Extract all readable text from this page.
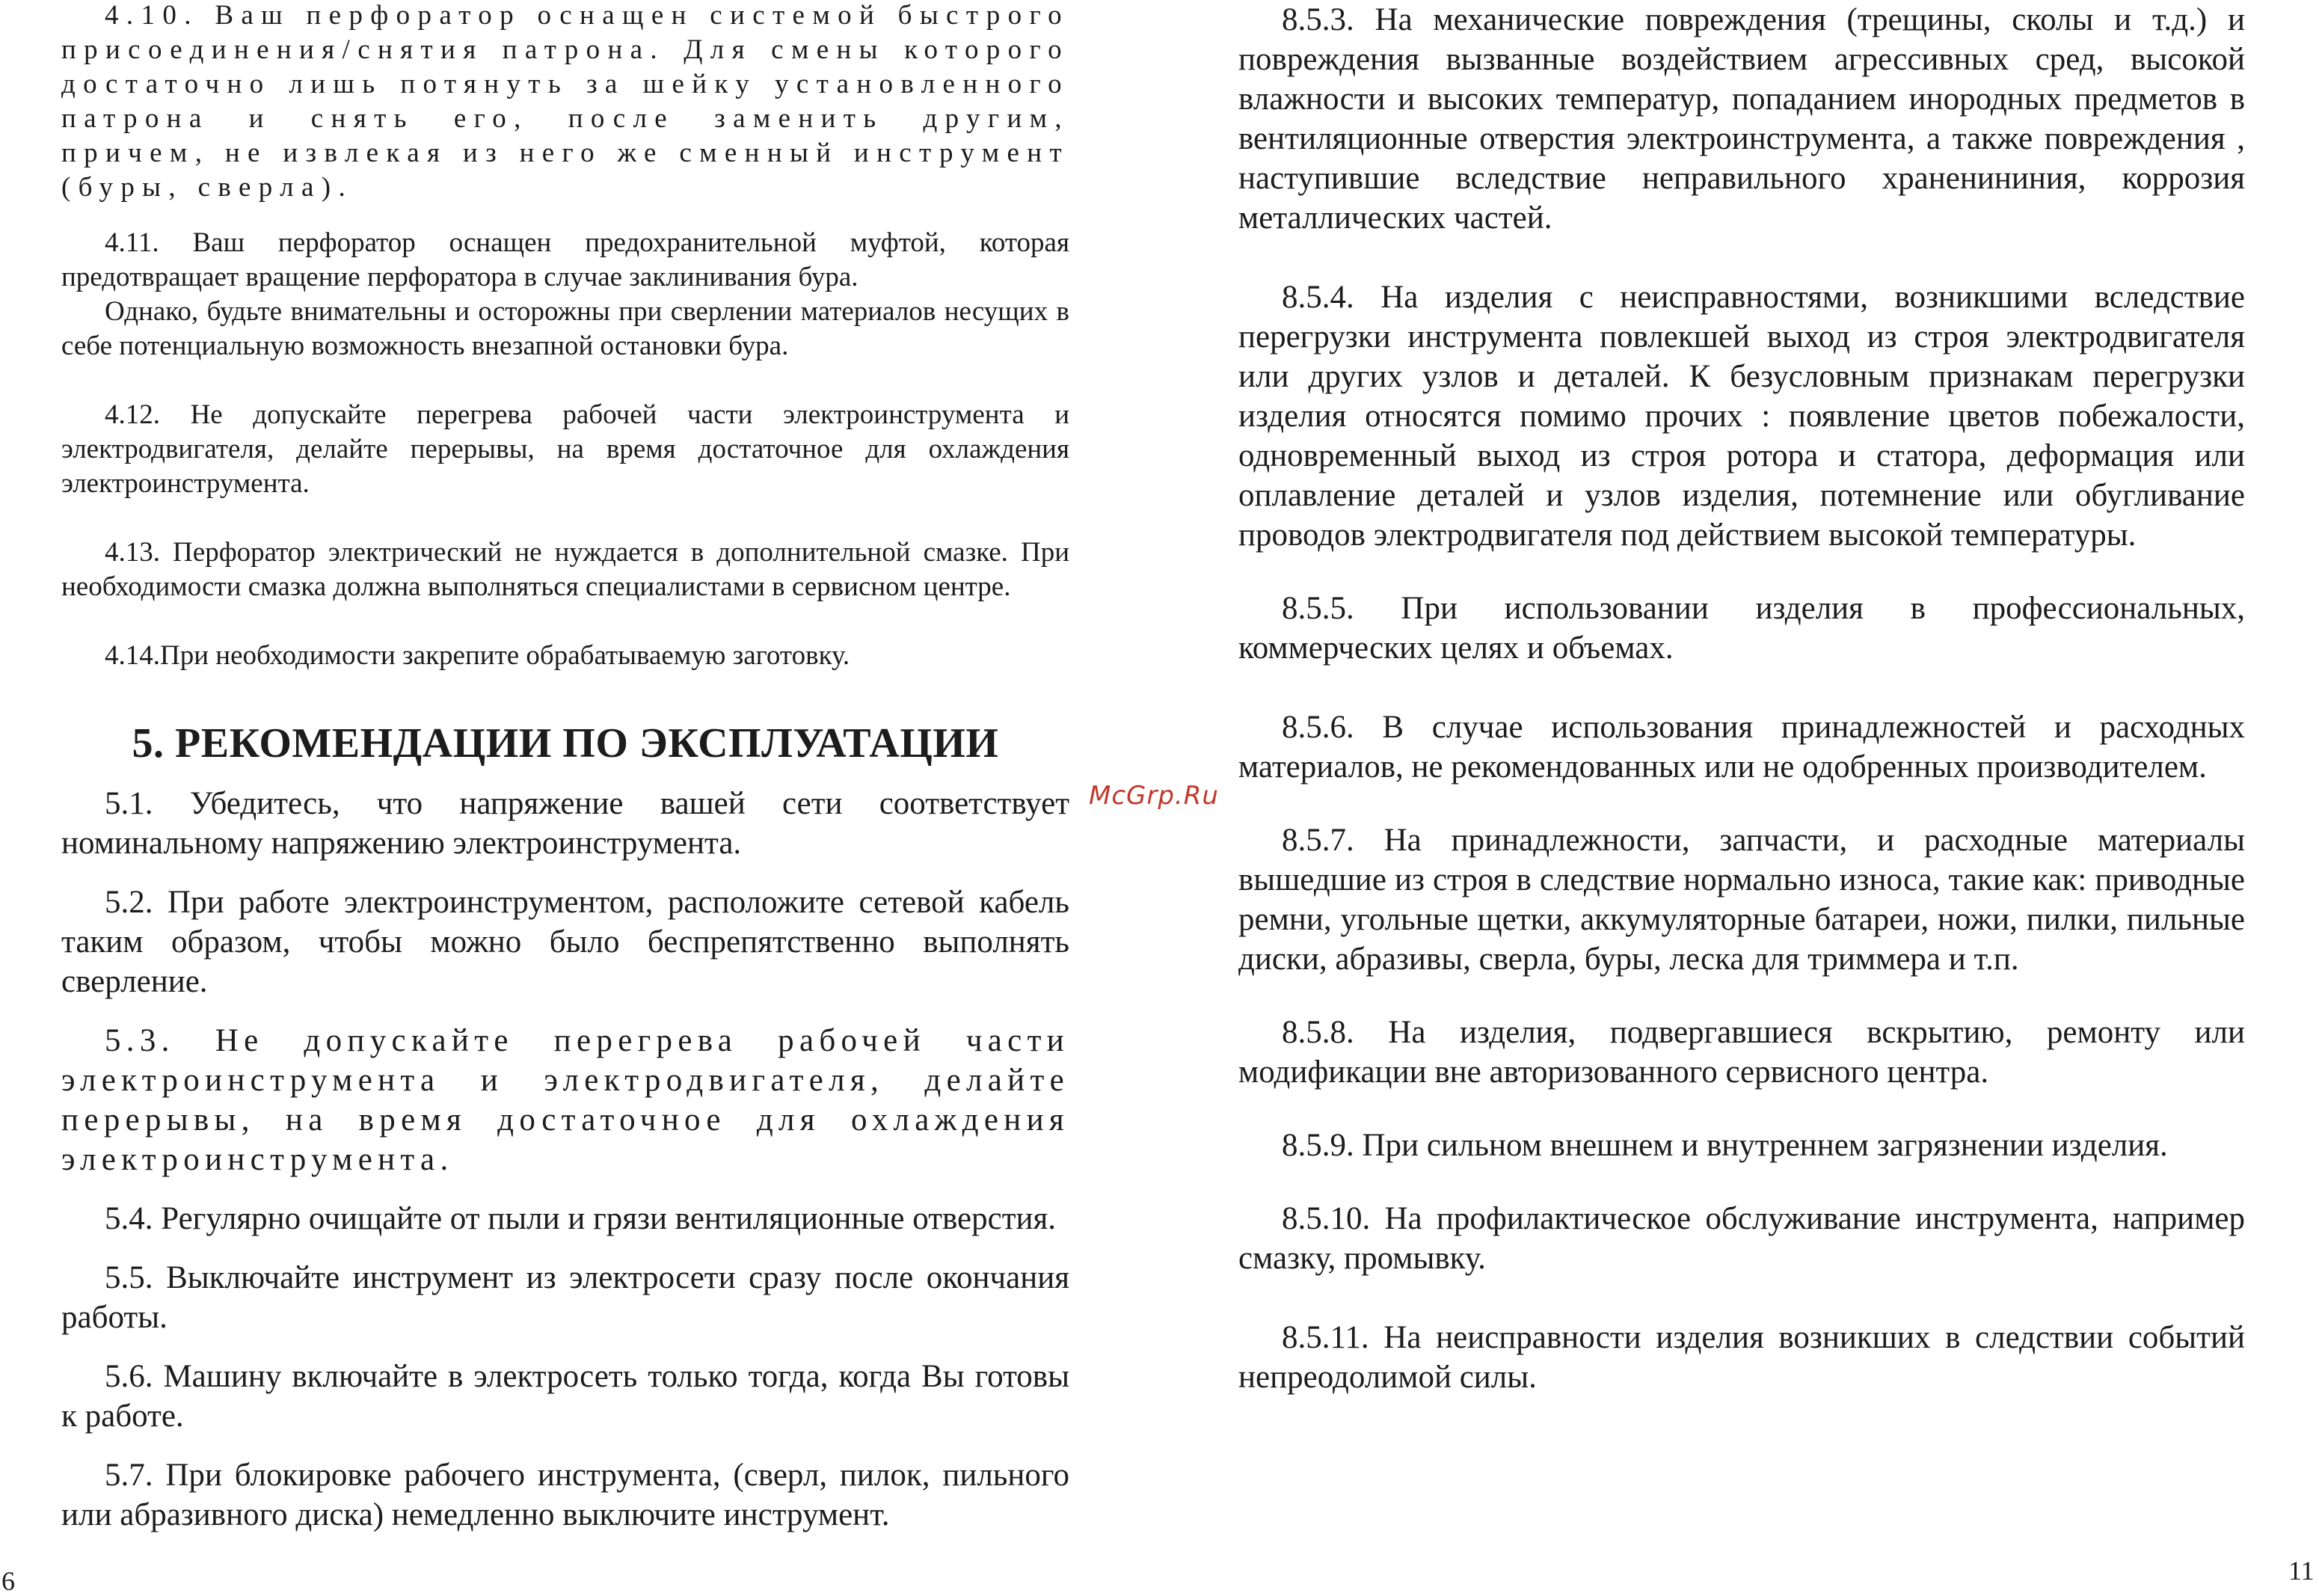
4.10. Ваш перфоратор оснащен системой быстрого присоединения/снятия патрона. Для смены которого достаточно лишь потянуть за шейку установленного патрона и снять его, после заменить другим, причем, не извлекая из него же сменный инструмент (буры, сверла).

4.11. Ваш перфоратор оснащен предохранительной муфтой, которая предотвращает вращение перфоратора в случае заклинивания бура.

Однако, будьте внимательны и осторожны при сверлении материалов несущих в себе потенциальную возможность внезапной остановки бура.

4.12. Не допускайте перегрева рабочей части электроинструмента и электродвигателя, делайте перерывы, на время достаточное для охлаждения электроинструмента.

4.13. Перфоратор электрический не нуждается в дополнительной смазке. При необходимости смазка должна выполняться специалистами в сервисном центре.

4.14.При необходимости закрепите обрабатываемую заготовку.

5. РЕКОМЕНДАЦИИ ПО ЭКСПЛУАТАЦИИ

5.1. Убедитесь, что напряжение вашей сети соответствует номинальному напряжению электроинструмента.

5.2. При работе электроинструментом, расположите сетевой кабель таким образом, чтобы можно было беспрепятственно выполнять сверление.

5.3. Не допускайте перегрева рабочей части электроинструмента и электродвигателя, делайте перерывы, на время достаточное для охлаждения электроинструмента.

5.4. Регулярно очищайте от пыли и грязи вентиляционные отверстия.

5.5. Выключайте инструмент из электросети сразу после окончания работы.

5.6. Машину включайте в электросеть только тогда, когда Вы готовы к работе.

5.7. При блокировке рабочего инструмента, (сверл, пилок, пильного или абразивного диска) немедленно выключите инструмент.

6
McGrp.Ru

8.5.3. На механические повреждения (трещины, сколы и т.д.) и повреждения вызванные воздействием агрессивных сред, высокой влажности и высоких температур, попаданием инородных предметов в вентиляционные отверстия электроинструмента, а также повреждения , наступившие вследствие неправильного храненининия, коррозия металлических частей.

8.5.4. На изделия с неисправностями, возникшими вследствие перегрузки инструмента повлекшей выход из строя электродвигателя или других узлов и деталей. К безусловным признакам перегрузки изделия относятся помимо прочих : появление цветов побежалости, одновременный выход из строя ротора и статора, деформация или оплавление деталей и узлов изделия, потемнение или обугливание проводов электродвигателя под действием высокой температуры.

8.5.5. При использовании изделия в профессиональных, коммерческих целях и объемах.

8.5.6. В случае использования принадлежностей и расходных материалов, не рекомендованных или не одобренных производителем.

8.5.7. На принадлежности, запчасти, и расходные материалы вышедшие из строя в следствие нормально износа, такие как: приводные ремни, угольные щетки, аккумуляторные батареи, ножи, пилки, пильные диски, абразивы, сверла, буры, леска для триммера и т.п.

8.5.8. На изделия, подвергавшиеся вскрытию, ремонту или модификации вне авторизованного сервисного центра.

8.5.9. При сильном внешнем и внутреннем загрязнении изделия.

8.5.10. На профилактическое обслуживание инструмента, например смазку, промывку.

8.5.11. На неисправности изделия возникших в следствии событий непреодолимой силы.

11
